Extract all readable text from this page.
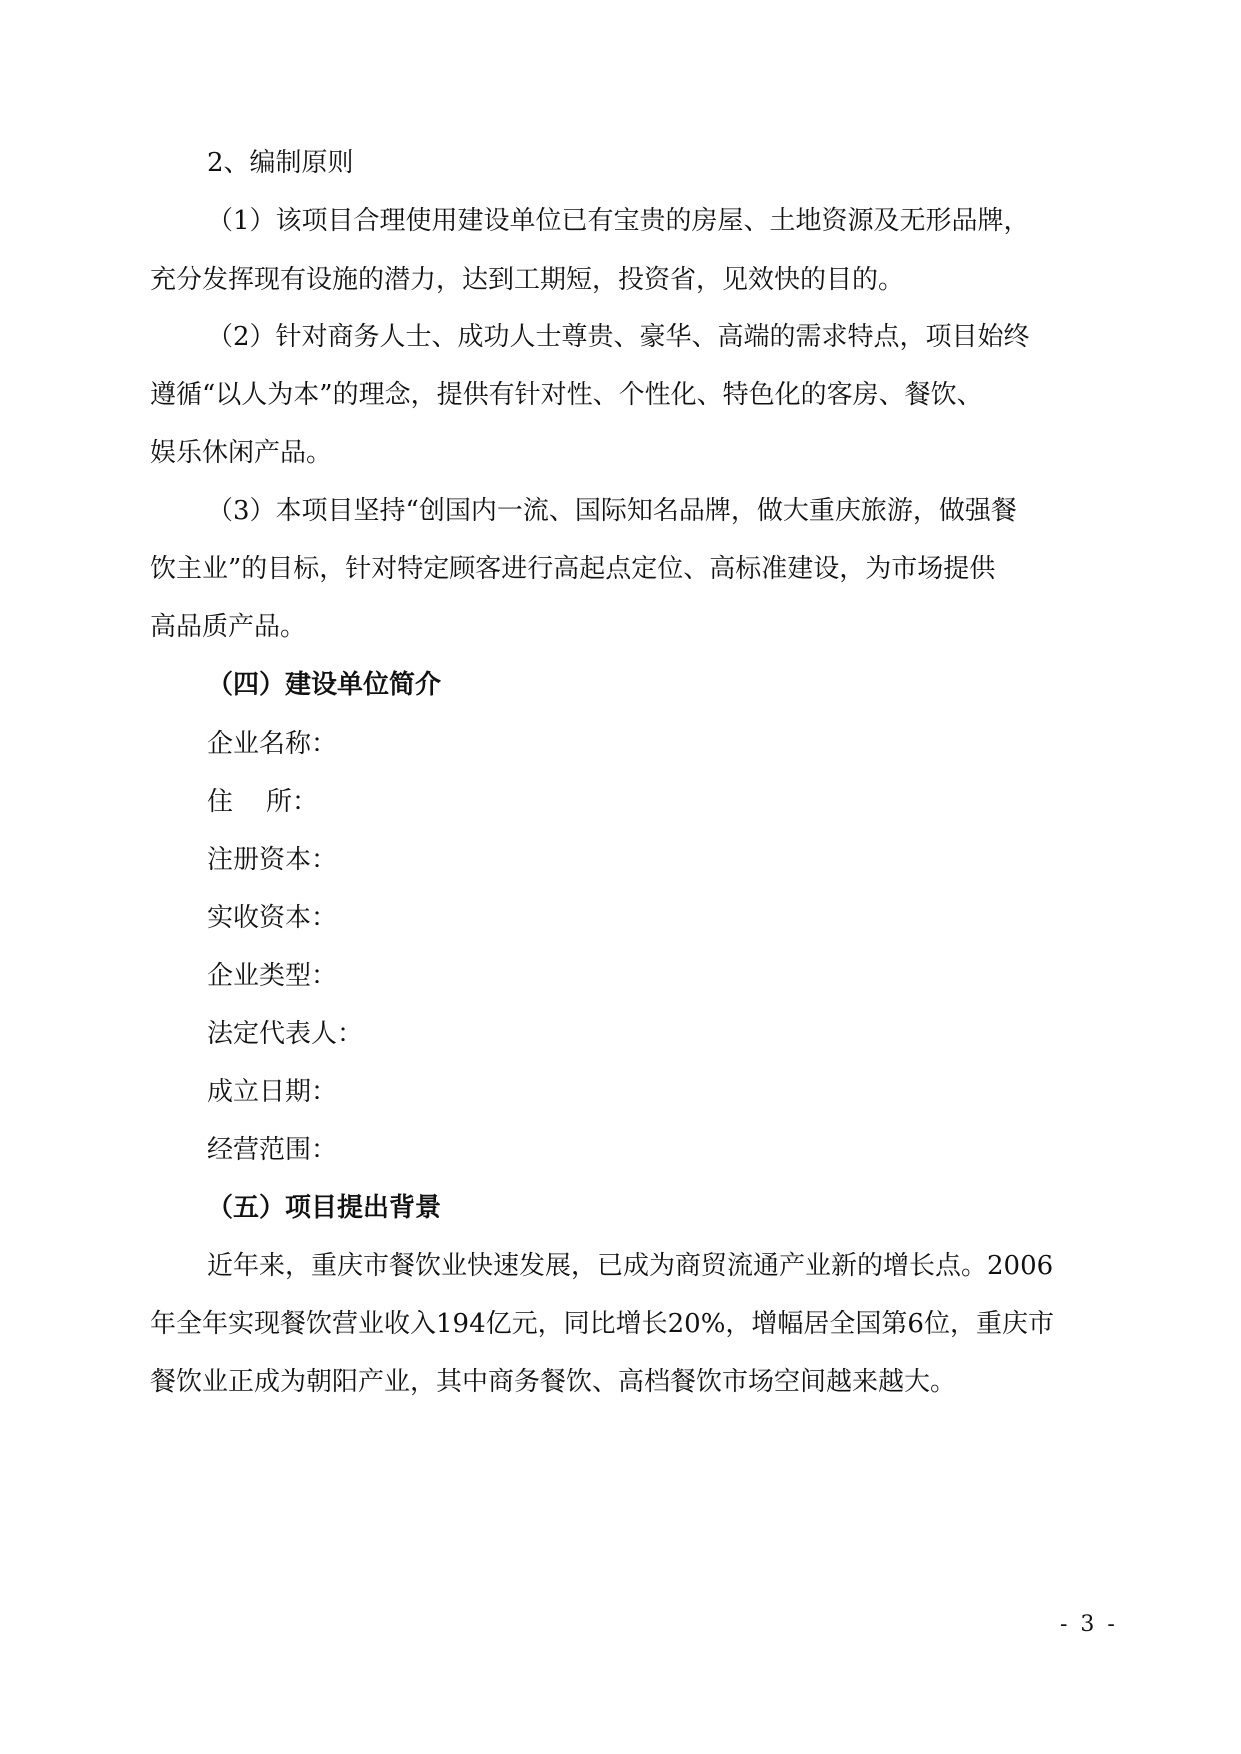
2、编制原则

（1）该项目合理使用建设单位已有宝贵的房屋、土地资源及无形品牌，

充分发挥现有设施的潜力，达到工期短，投资省，见效快的目的。

（2）针对商务人士、成功人士尊贵、豪华、高端的需求特点，项目始终

遵循“以人为本”的理念，提供有针对性、个性化、特色化的客房、餐饮、

娱乐休闲产品。

（3）本项目坚持“创国内一流、国际知名品牌，做大重庆旅游，做强餐

饮主业”的目标，针对特定顾客进行高起点定位、高标准建设，为市场提供

高品质产品。

（四）建设单位简介

企业名称：

住    所：

注册资本：

实收资本：

企业类型：

法定代表人：

成立日期：

经营范围：

（五）项目提出背景

近年来，重庆市餐饮业快速发展，已成为商贸流通产业新的增长点。2006

年全年实现餐饮营业收入194亿元，同比增长20%，增幅居全国第6位，重庆市

餐饮业正成为朝阳产业，其中商务餐饮、高档餐饮市场空间越来越大。

- 3 -
